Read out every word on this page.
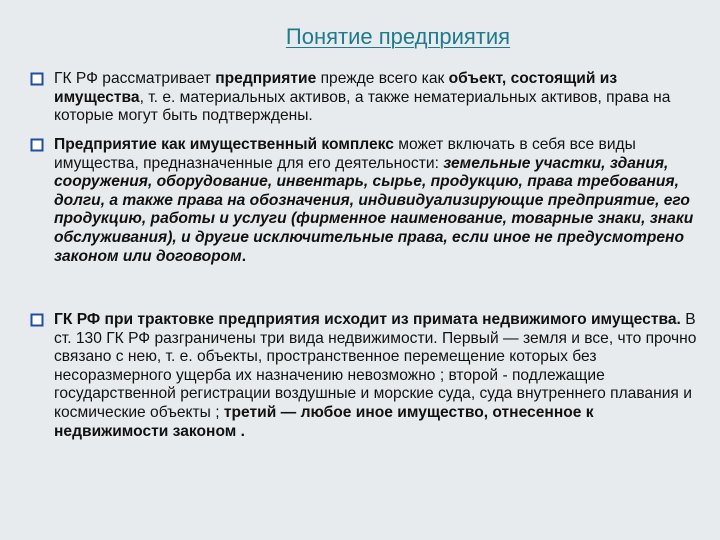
Понятие предприятия
ГК РФ рассматривает предприятие прежде всего как объект, состоящий из имущества, т. е. материальных активов, а также нематериальных активов, права на которые могут быть подтверждены.
Предприятие как имущественный комплекс может включать в себя все виды имущества, предназначенные для его деятельности: земельные участки, здания, сооружения, оборудование, инвентарь, сырье, продукцию, права требования, долги, а также права на обозначения, индивидуализирующие предприятие, его продукцию, работы и услуги (фирменное наименование, товарные знаки, знаки обслуживания), и другие исключительные права, если иное не предусмотрено законом или договором.
ГК РФ при трактовке предприятия исходит из примата недвижимого имущества. В ст. 130 ГК РФ разграничены три вида недвижимости. Первый — земля и все, что прочно связано с нею, т. е. объекты, пространственное перемещение которых без несоразмерного ущерба их назначению невозможно ; второй - подлежащие государственной регистрации воздушные и морские суда, суда внутреннего плавания и космические объекты ; третий — любое иное имущество, отнесенное к недвижимости законом .
